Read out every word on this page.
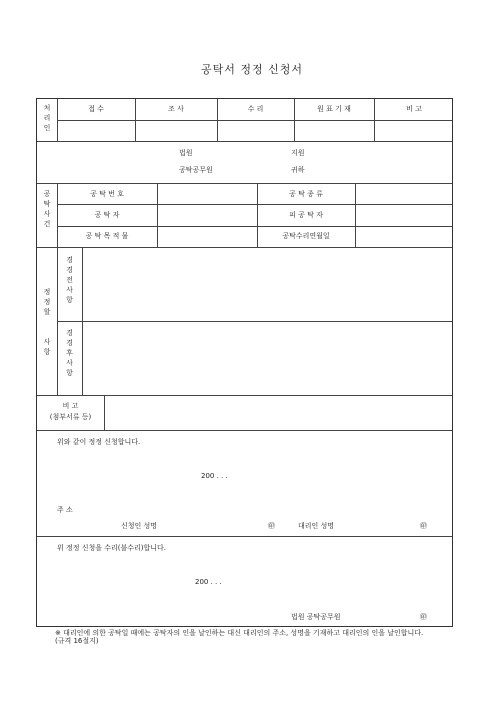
공탁서 정정 신청서
처
리
인
접 수	조 사	수 리	원 표 기 재	비 고
법원	지원
공탁공무원	귀하
공
탁
사
건
공 탁 번 호	공 탁 종 류
공 탁 자	피 공 탁 자
공 탁 목 적 물	공탁수리연월일
정
정
할
사
항
경
경
전
사
항
경
경
후
사
항
비 고
(첨부서류 등)
위와 같이 정정 신청합니다.
200 . . .
주 소
신청인 성명	㊞	대리인 성명	㊞
위 정정 신청을 수리(불수리)합니다.
200 . . .
법원 공탁공무원	㊞
※ 대리인에 의한 공탁일 때에는 공탁자의 인을 날인하는 대신 대리인의 주소, 성명을 기재하고 대리인의 인을 날인합니다.
(규격 16절지)
